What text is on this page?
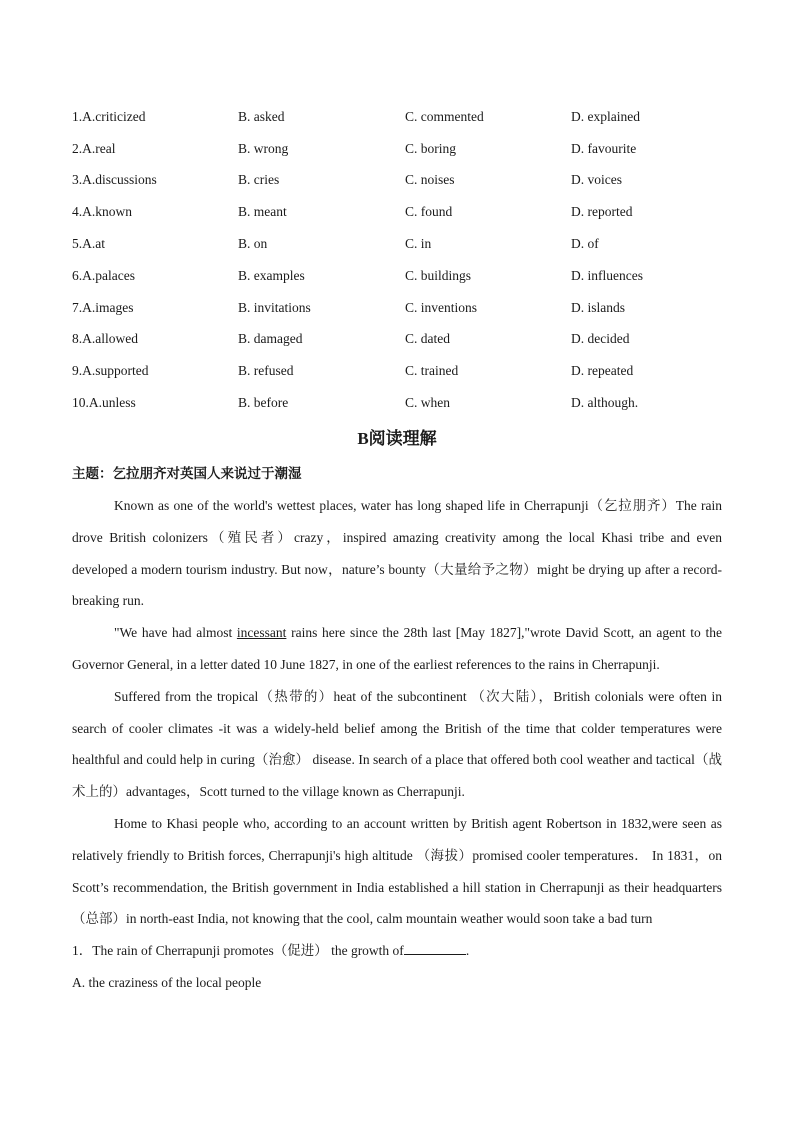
1.A.criticized	B. asked	C. commented	D. explained
2.A.real	B. wrong	C. boring	D. favourite
3.A.discussions	B. cries	C. noises	D. voices
4.A.known	B. meant	C. found	D. reported
5.A.at	B. on	C. in	D. of
6.A.palaces	B. examples	C. buildings	D. influences
7.A.images	B. invitations	C. inventions	D. islands
8.A.allowed	B. damaged	C. dated	D. decided
9.A.supported	B. refused	C. trained	D. repeated
10.A.unless	B. before	C. when	D. although.
B阅读理解
主题：乞拉朋齐对英国人来说过于潮湿

Known as one of the world's wettest places, water has long shaped life in Cherrapunji（乞拉朋齐）The rain drove British colonizers（殖民者）crazy，inspired amazing creativity among the local Khasi tribe and even developed a modern tourism industry. But now，nature’s bounty（大量给予之物）might be drying up after a record-breaking run.

"We have had almost incessant rains here since the 28th last [May 1827],"wrote David Scott, an agent to the Governor General, in a letter dated 10 June 1827, in one of the earliest references to the rains in Cherrapunji.

Suffered from the tropical（热带的）heat of the subcontinent （次大陆），British colonials were often in search of cooler climates -it was a widely-held belief among the British of the time that colder temperatures were healthful and could help in curing（治愈） disease. In search of a place that offered both cool weather and tactical（战术上的）advantages，Scott turned to the village known as Cherrapunji.

Home to Khasi people who, according to an account written by British agent Robertson in 1832,were seen as relatively friendly to British forces, Cherrapunji's high altitude （海拔）promised cooler temperatures． In 1831，on Scott’s recommendation, the British government in India established a hill station in Cherrapunji as their headquarters（总部）in north-east India, not knowing that the cool, calm mountain weather would soon take a bad turn

1．The rain of Cherrapunji promotes（促进） the growth of	.

A. the craziness of the local people
